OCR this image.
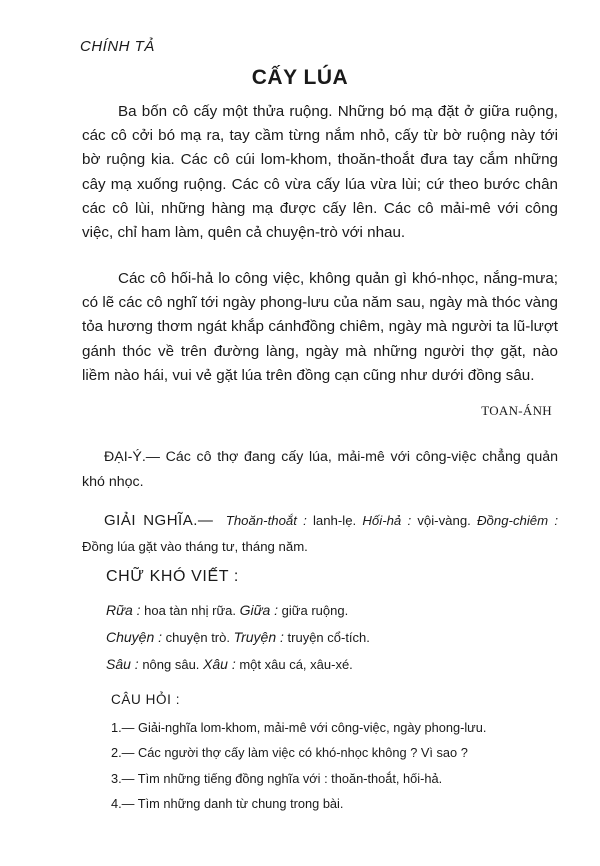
CHÍNH TẢ
CẤY LÚA

Ba bốn cô cấy một thửa ruộng. Những bó mạ đặt ở giữa ruộng, các cô cởi bó mạ ra, tay cầm từng nắm nhỏ, cấy từ bờ ruộng này tới bờ ruộng kia. Các cô cúi lom-khom, thoăn-thoắt đưa tay cắm những cây mạ xuống ruộng. Các cô vừa cấy lúa vừa lùi; cứ theo bước chân các cô lùi, những hàng mạ được cấy lên. Các cô mải-mê với công việc, chỉ ham làm, quên cả chuyện-trò với nhau.

Các cô hối-hả lo công việc, không quản gì khó-nhọc, nắng-mưa; có lẽ các cô nghĩ tới ngày phong-lưu của năm sau, ngày mà thóc vàng tỏa hương thơm ngát khắp cánhđồng chiêm, ngày mà người ta lũ-lượt gánh thóc về trên đường làng, ngày mà những người thợ gặt, nào liềm nào hái, vui vẻ gặt lúa trên đồng cạn cũng như dưới đồng sâu.

TOAN-ÁNH

ĐẠI-Ý.— Các cô thợ đang cấy lúa, mải-mê với công-việc chẳng quản khó nhọc.

GIẢI NGHĨA.— Thoăn-thoắt : lanh-lẹ. Hối-hả : vội-vàng. Đồng-chiêm : Đồng lúa gặt vào tháng tư, tháng năm.

CHỮ KHÓ VIẾT :
Rữa : hoa tàn nhị rữa. Giữa : giữa ruộng.
Chuyện : chuyện trò. Truyện : truyện cổ-tích.
Sâu : nông sâu. Xâu : một xâu cá, xâu-xé.
CÂU HỎI :
1.— Giải-nghĩa lom-khom, mải-mê với công-việc, ngày phong-lưu.
2.— Các người thợ cấy làm việc có khó-nhọc không ? Vì sao ?
3.— Tìm những tiếng đồng nghĩa với : thoăn-thoắt, hối-hả.
4.— Tìm những danh từ chung trong bài.
